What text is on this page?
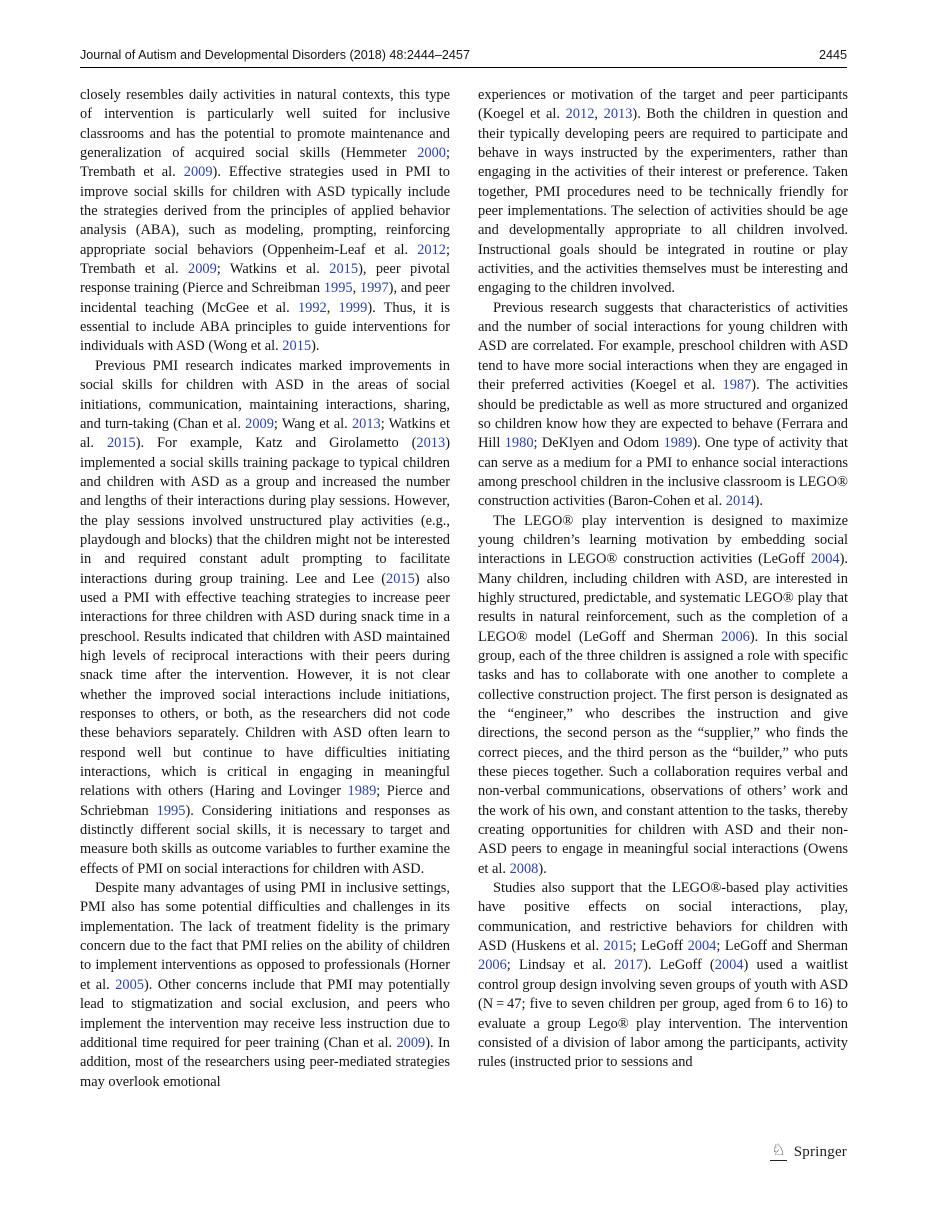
Journal of Autism and Developmental Disorders (2018) 48:2444–2457	2445

closely resembles daily activities in natural contexts, this type of intervention is particularly well suited for inclusive classrooms and has the potential to promote maintenance and generalization of acquired social skills (Hemmeter 2000; Trembath et al. 2009). Effective strategies used in PMI to improve social skills for children with ASD typically include the strategies derived from the principles of applied behavior analysis (ABA), such as modeling, prompting, reinforcing appropriate social behaviors (Oppenheim-Leaf et al. 2012; Trembath et al. 2009; Watkins et al. 2015), peer pivotal response training (Pierce and Schreibman 1995, 1997), and peer incidental teaching (McGee et al. 1992, 1999). Thus, it is essential to include ABA principles to guide interventions for individuals with ASD (Wong et al. 2015).

Previous PMI research indicates marked improvements in social skills for children with ASD in the areas of social initiations, communication, maintaining interactions, sharing, and turn-taking (Chan et al. 2009; Wang et al. 2013; Watkins et al. 2015). For example, Katz and Girolametto (2013) implemented a social skills training package to typical children and children with ASD as a group and increased the number and lengths of their interactions during play sessions. However, the play sessions involved unstructured play activities (e.g., playdough and blocks) that the children might not be interested in and required constant adult prompting to facilitate interactions during group training. Lee and Lee (2015) also used a PMI with effective teaching strategies to increase peer interactions for three children with ASD during snack time in a preschool. Results indicated that children with ASD maintained high levels of reciprocal interactions with their peers during snack time after the intervention. However, it is not clear whether the improved social interactions include initiations, responses to others, or both, as the researchers did not code these behaviors separately. Children with ASD often learn to respond well but continue to have difficulties initiating interactions, which is critical in engaging in meaningful relations with others (Haring and Lovinger 1989; Pierce and Schriebman 1995). Considering initiations and responses as distinctly different social skills, it is necessary to target and measure both skills as outcome variables to further examine the effects of PMI on social interactions for children with ASD.

Despite many advantages of using PMI in inclusive settings, PMI also has some potential difficulties and challenges in its implementation. The lack of treatment fidelity is the primary concern due to the fact that PMI relies on the ability of children to implement interventions as opposed to professionals (Horner et al. 2005). Other concerns include that PMI may potentially lead to stigmatization and social exclusion, and peers who implement the intervention may receive less instruction due to additional time required for peer training (Chan et al. 2009). In addition, most of the researchers using peer-mediated strategies may overlook emotional

experiences or motivation of the target and peer participants (Koegel et al. 2012, 2013). Both the children in question and their typically developing peers are required to participate and behave in ways instructed by the experimenters, rather than engaging in the activities of their interest or preference. Taken together, PMI procedures need to be technically friendly for peer implementations. The selection of activities should be age and developmentally appropriate to all children involved. Instructional goals should be integrated in routine or play activities, and the activities themselves must be interesting and engaging to the children involved.

Previous research suggests that characteristics of activities and the number of social interactions for young children with ASD are correlated. For example, preschool children with ASD tend to have more social interactions when they are engaged in their preferred activities (Koegel et al. 1987). The activities should be predictable as well as more structured and organized so children know how they are expected to behave (Ferrara and Hill 1980; DeKlyen and Odom 1989). One type of activity that can serve as a medium for a PMI to enhance social interactions among preschool children in the inclusive classroom is LEGO® construction activities (Baron-Cohen et al. 2014).

The LEGO® play intervention is designed to maximize young children’s learning motivation by embedding social interactions in LEGO® construction activities (LeGoff 2004). Many children, including children with ASD, are interested in highly structured, predictable, and systematic LEGO® play that results in natural reinforcement, such as the completion of a LEGO® model (LeGoff and Sherman 2006). In this social group, each of the three children is assigned a role with specific tasks and has to collaborate with one another to complete a collective construction project. The first person is designated as the “engineer,” who describes the instruction and give directions, the second person as the “supplier,” who finds the correct pieces, and the third person as the “builder,” who puts these pieces together. Such a collaboration requires verbal and non-verbal communications, observations of others’ work and the work of his own, and constant attention to the tasks, thereby creating opportunities for children with ASD and their non-ASD peers to engage in meaningful social interactions (Owens et al. 2008).

Studies also support that the LEGO®-based play activities have positive effects on social interactions, play, communication, and restrictive behaviors for children with ASD (Huskens et al. 2015; LeGoff 2004; LeGoff and Sherman 2006; Lindsay et al. 2017). LeGoff (2004) used a waitlist control group design involving seven groups of youth with ASD (N = 47; five to seven children per group, aged from 6 to 16) to evaluate a group Lego® play intervention. The intervention consisted of a division of labor among the participants, activity rules (instructed prior to sessions and

♘ Springer
